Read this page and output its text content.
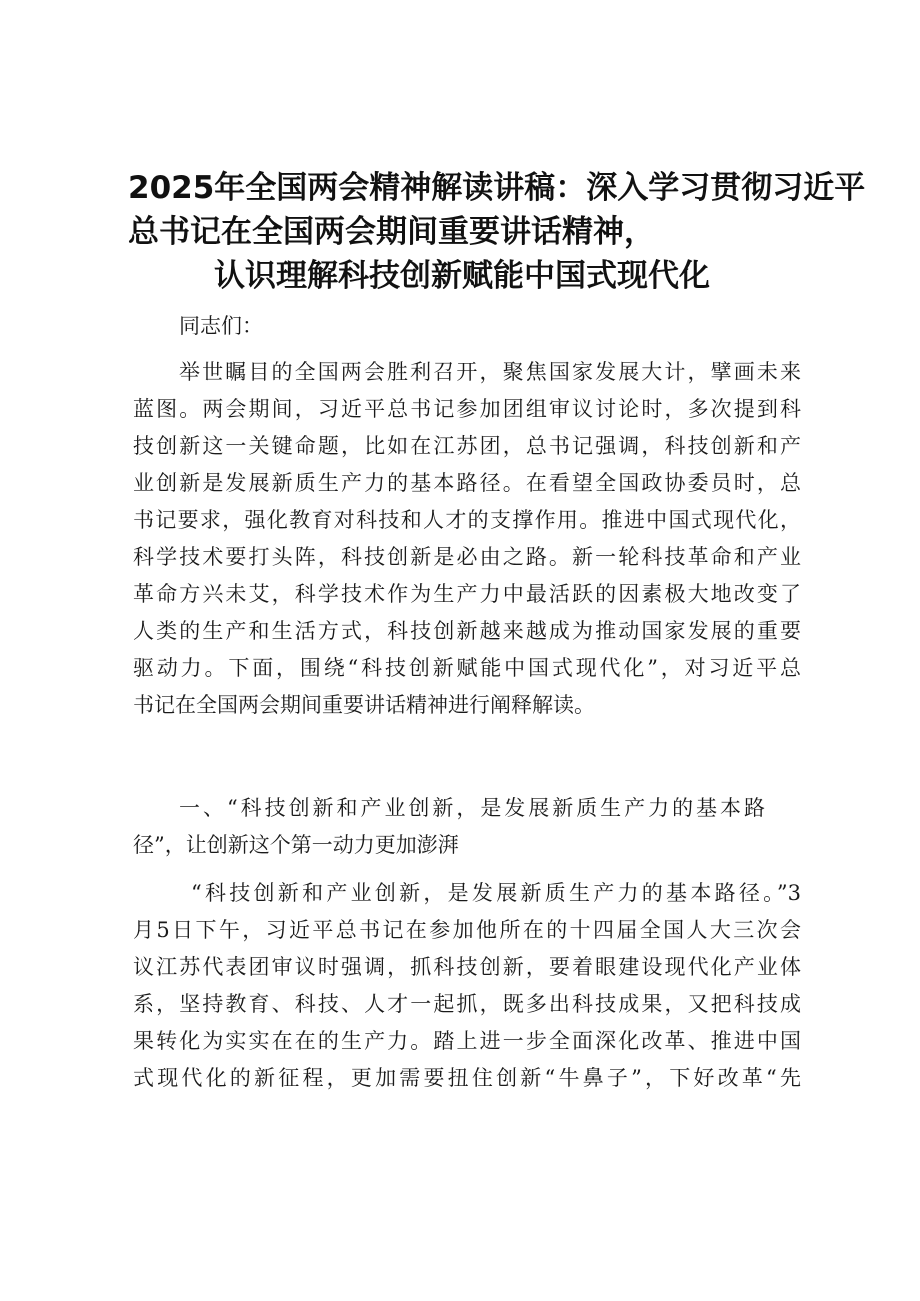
2025年全国两会精神解读讲稿：深入学习贯彻习近平
总书记在全国两会期间重要讲话精神，
认识理解科技创新赋能中国式现代化
同志们：
举世瞩目的全国两会胜利召开，聚焦国家发展大计，擘画未来
蓝图。两会期间，习近平总书记参加团组审议讨论时，多次提到科
技创新这一关键命题，比如在江苏团，总书记强调，科技创新和产
业创新是发展新质生产力的基本路径。在看望全国政协委员时，总
书记要求，强化教育对科技和人才的支撑作用。推进中国式现代化，
科学技术要打头阵，科技创新是必由之路。新一轮科技革命和产业
革命方兴未艾，科学技术作为生产力中最活跃的因素极大地改变了
人类的生产和生活方式，科技创新越来越成为推动国家发展的重要
驱动力。下面，围绕“科技创新赋能中国式现代化”，对习近平总
书记在全国两会期间重要讲话精神进行阐释解读。
一、“科技创新和产业创新，是发展新质生产力的基本路
径”，让创新这个第一动力更加澎湃
“科技创新和产业创新，是发展新质生产力的基本路径。”3
月5日下午，习近平总书记在参加他所在的十四届全国人大三次会
议江苏代表团审议时强调，抓科技创新，要着眼建设现代化产业体
系，坚持教育、科技、人才一起抓，既多出科技成果，又把科技成
果转化为实实在在的生产力。踏上进一步全面深化改革、推进中国
式现代化的新征程，更加需要扭住创新“牛鼻子”，下好改革“先
